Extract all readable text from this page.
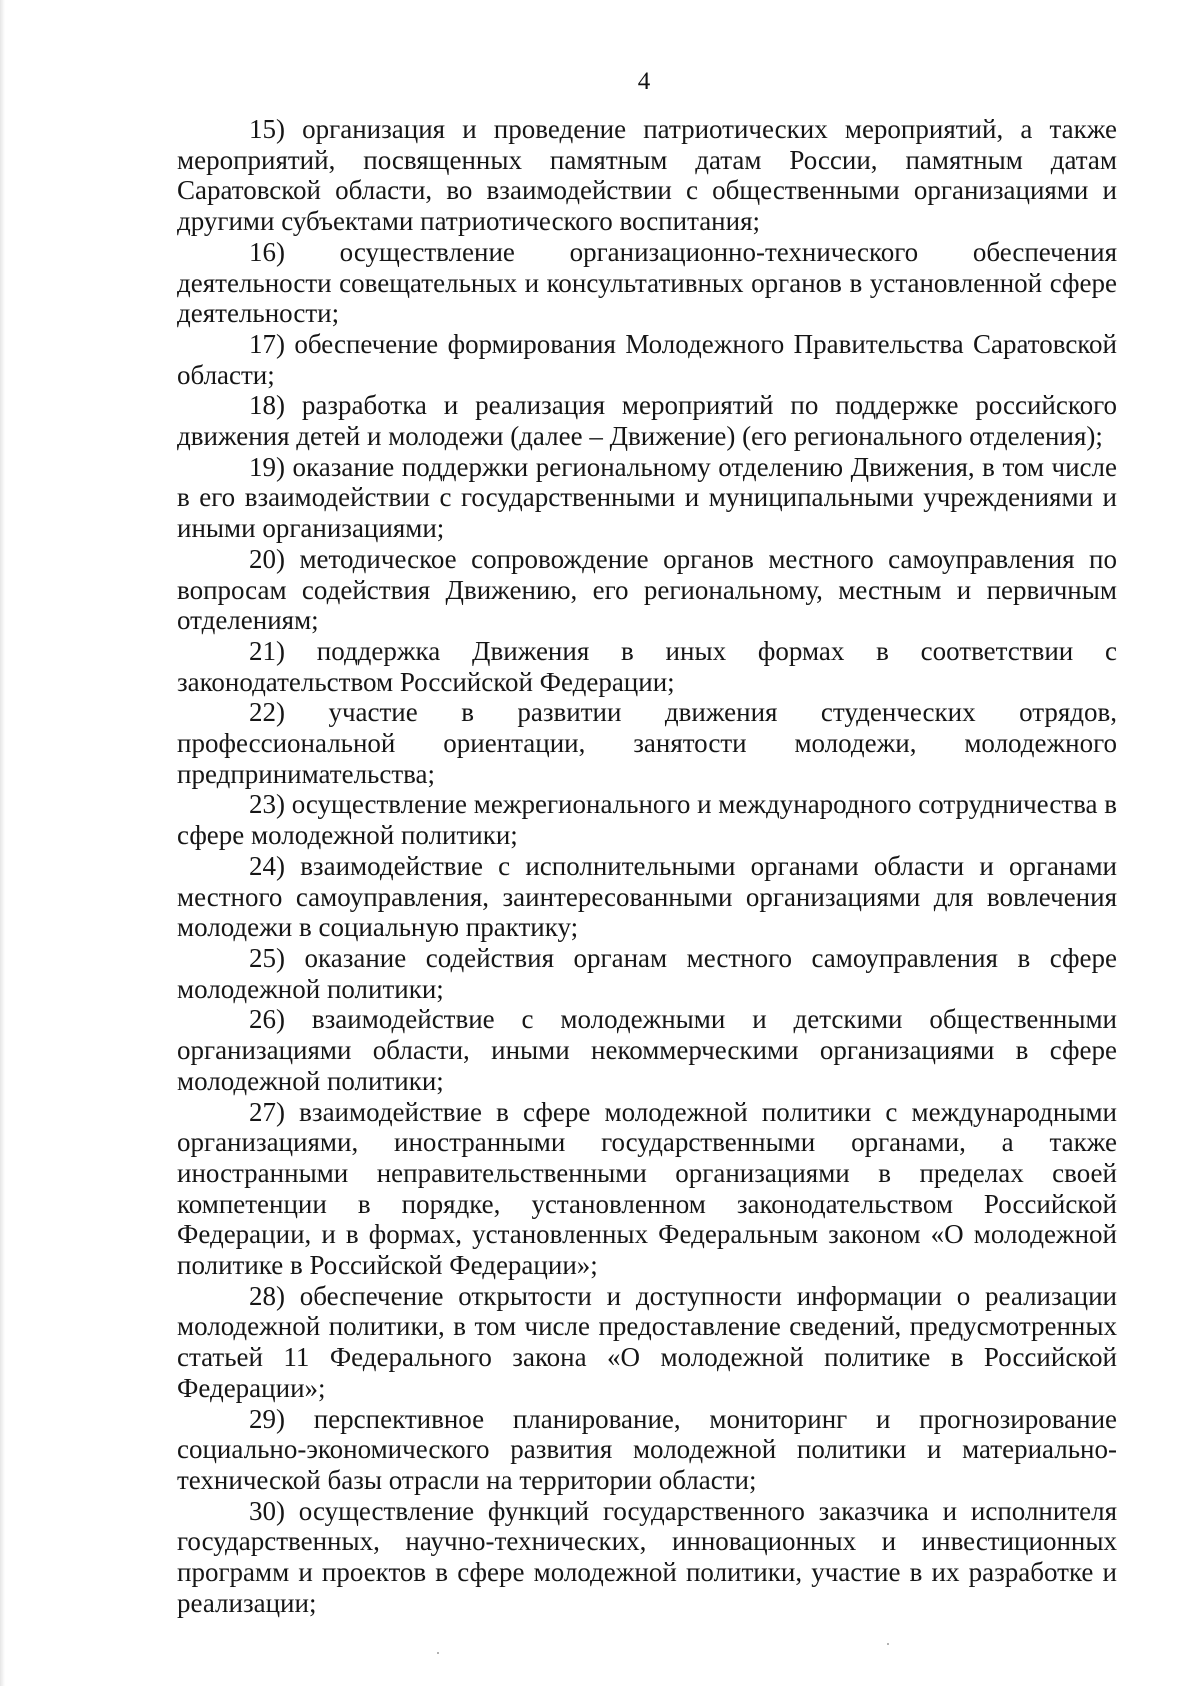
4

15) организация и проведение патриотических мероприятий, а также мероприятий, посвященных памятным датам России, памятным датам Саратовской области, во взаимодействии с общественными организациями и другими субъектами патриотического воспитания;

16) осуществление организационно-технического обеспечения деятельности совещательных и консультативных органов в установленной сфере деятельности;

17) обеспечение формирования Молодежного Правительства Саратовской области;

18) разработка и реализация мероприятий по поддержке российского движения детей и молодежи (далее – Движение) (его регионального отделения);

19) оказание поддержки региональному отделению Движения, в том числе в его взаимодействии с государственными и муниципальными учреждениями и иными организациями;

20) методическое сопровождение органов местного самоуправления по вопросам содействия Движению, его региональному, местным и первичным отделениям;

21) поддержка Движения в иных формах в соответствии с законодательством Российской Федерации;

22) участие в развитии движения студенческих отрядов, профессиональной ориентации, занятости молодежи, молодежного предпринимательства;

23) осуществление межрегионального и международного сотрудничества в сфере молодежной политики;

24) взаимодействие с исполнительными органами области и органами местного самоуправления, заинтересованными организациями для вовлечения молодежи в социальную практику;

25) оказание содействия органам местного самоуправления в сфере молодежной политики;

26) взаимодействие с молодежными и детскими общественными организациями области, иными некоммерческими организациями в сфере молодежной политики;

27) взаимодействие в сфере молодежной политики с международными организациями, иностранными государственными органами, а также иностранными неправительственными организациями в пределах своей компетенции в порядке, установленном законодательством Российской Федерации, и в формах, установленных Федеральным законом «О молодежной политике в Российской Федерации»;

28) обеспечение открытости и доступности информации о реализации молодежной политики, в том числе предоставление сведений, предусмотренных статьей 11 Федерального закона «О молодежной политике в Российской Федерации»;

29) перспективное планирование, мониторинг и прогнозирование социально-экономического развития молодежной политики и материально-технической базы отрасли на территории области;

30) осуществление функций государственного заказчика и исполнителя государственных, научно-технических, инновационных и инвестиционных программ и проектов в сфере молодежной политики, участие в их разработке и реализации;
